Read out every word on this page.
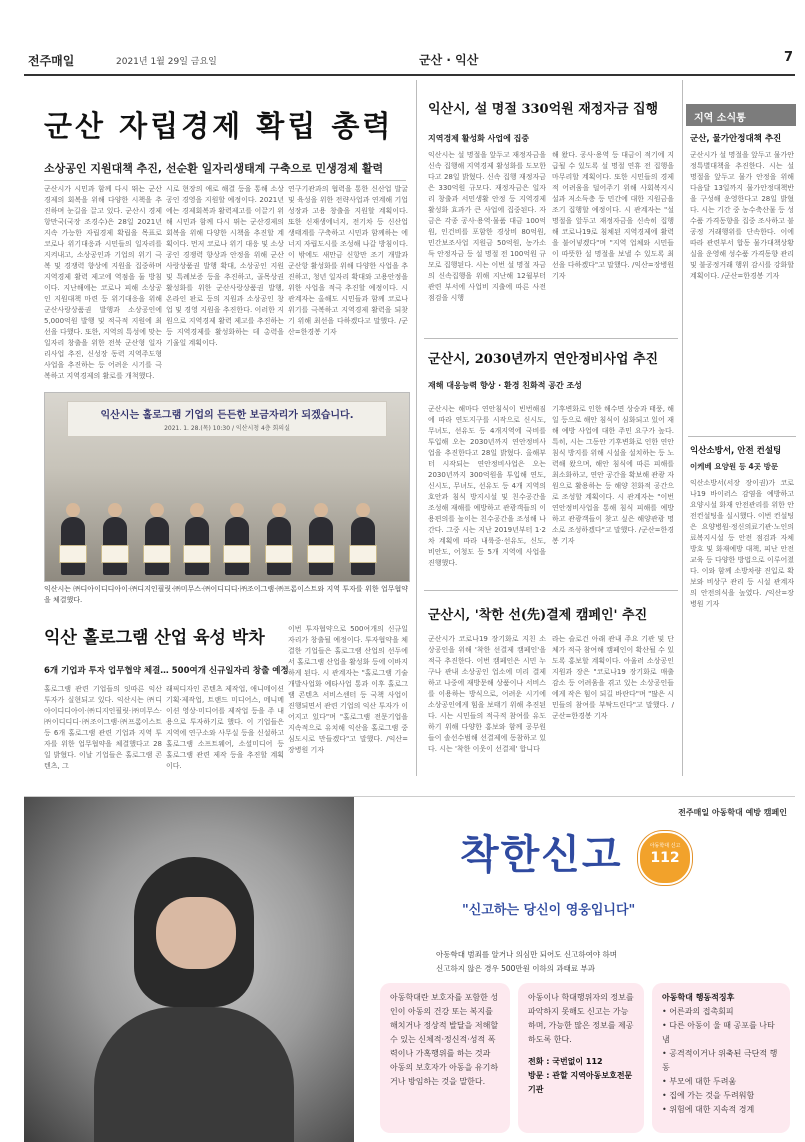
전주매일	2021년 1월 29일 금요일	군산 · 익산	7
군산 자립경제 확립 총력
소상공인 지원대책 추진, 선순환 일자리생태계 구축으로 민생경제 활력
군산시가 시민과 함께 다시 뛰는 군산경제의 회복을 위해 다양한 시책을 추진하며 눈길을 끌고 있다. 군산시 경제항만국(국장 조경수)은 28일 2021년 지속 가능한 자립경제 확립을 목표로 코로나 위기대응과 시민들의 일자리를 지켜내고, 소상공인과 기업의 위기 극복 및 경쟁력 향상에 지원을 집중하며 지역경제 활력 제고에 역점을 둘 방침이다. 지난해에는 코로나 피해 소상공인 지원대책 마련 등 위기대응을 위해 군산사랑상품권 발행과 소상공인에 5,000억원 발행 및 적극적 지원에 최선을 다했다. 또한, 지역의 특성에 맞는 일자리 창출을 위한 전북 군산형 일자리사업 추진, 신성장 동력 지역주도형 사업을 추진하는 등 어려운 시기를 극복하고 지역경제의 활로를 개척했다.
시로 현장의 애로 해결 등을 통해 소상공인 경영을 지원할 예정이다. 2021년에는 경제회복과 활력제고를 이끌기 위해 시민과 함께 다시 뛰는 군산경제의 회복을 위해 다양한 시책을 추진할 계획이다. 먼저 코로나 위기 대응 및 소상공인 경쟁력 향상과 안정을 위해 군산사랑상품권 발행 확대, 소상공인 지원 및 특례보증 등을 추진하고, 골목상권 활성화를 위한 군산사랑상품권 발행, 온라인 판로 등의 지원과 소상공인 창업 및 경영 지원을 추진한다. 이러한 지원으로 지역경제 활력 제고를 추진하는 등 지역경제를 활성화하는 데 총력을 기울일 계획이다.
연구기관과의 협력을 통한 신산업 발굴 및 육성을 위한 전략사업과 연계해 기업 성장과 고용 창출을 지원할 계획이다. 또한 신재생에너지, 전기차 등 신산업 생태계를 구축하고 시민과 함께하는 에너지 자립도시를 조성해 나갈 방침이다. 이 밖에도 새만금 신항만 조기 개발과 군산항 활성화를 위해 다양한 사업을 추진하고, 청년 일자리 확대와 고용안정을 위한 사업을 적극 추진할 예정이다. 시 관계자는 올해도 시민들과 함께 코로나 위기를 극복하고 지역경제 활력을 되찾기 위해 최선을 다하겠다고 말했다. /군산=한경봉 기자
익산시는 홀로그램 기업의 든든한 보금자리가 되겠습니다.
2021. 1. 28.(목) 10:30 / 익산시청 4층 회의실
익산시는 ㈜디아이디디아이·㈜디지인필릿·㈜미무스·㈜이디디디·㈜조이그램·㈜프롬이스트와 지역 투자를 위한 업무협약을 체결했다.
익산 홀로그램 산업 육성 박차
6개 기업과 투자 업무협약 체결… 500여개 신규일자리 창출 예정
홀로그램 관련 기업들의 잇따른 익산 투자가 실현되고 있다. 익산시는 ㈜디아이디디아이·㈜디지인필릿·㈜미무스·㈜이디디디·㈜조이그램·㈜프롬이스트 등 6개 홀로그램 관련 기업과 지역 투자를 위한 업무협약을 체결했다고 28일 밝혔다. 이날 기업들은 홀로그램 콘텐츠, 그
래픽디자인 콘텐츠 제작업, 애니메이션 기획·제작업, 트랜드 미디어스, 메니메이션 영상·미디어를 제작업 등을 주 내용으로 투자하기로 했다. 이 기업들은 지역에 연구소와 사무실 등을 신설하고 홀로그램 소프트웨어, 소셜미디어 등 홀로그램 관련 제작 등을 추진할 계획이다.
이번 투자협약으로 500여개의 신규일자리가 창출될 예정이다. 투자협약을 체결한 기업들은 홀로그램 산업의 선두에서 홀로그램 산업을 활성화 등에 이바지하게 된다. 시 관계자는 "홀로그램 기술개발사업화 예타사업 통과 이후 홀로그램 콘텐츠 서비스센터 등 국책 사업이 진행되면서 관련 기업의 익산 투자가 이어지고 있다"며 "홀로그램 전문기업을 지속적으로 유치해 익산을 홀로그램 중심도시로 만들겠다"고 말했다. /익산=장병원 기자
익산시, 설 명절 330억원 재정자금 집행
지역경제 활성화 사업에 집중
익산시는 설 명절을 앞두고 재정자금을 신속 집행해 지역경제 활성화를 도모한다고 28일 밝혔다. 신속 집행 재정자금은 330억원 규모다. 재정자금은 일자리 창출과 서민생활 안정 등 지역경제 활성화 효과가 큰 사업에 집중된다. 자금은 각종 공사·용역·물품 대금 100억원, 인건비를 포함한 경상비 80억원, 민간보조사업 지원금 50억원, 농가소득 안정자금 등 설 명절 전 100억원 규모로 집행된다. 시는 이번 설 명절 자금의 신속집행을 위해 지난해 12월부터 관련 부서에 사업비 지출에 따른 사전점검을 시행
해 왔다. 공사·용역 등 대금이 적기에 지급될 수 있도록 설 명절 연휴 전 집행을 마무리할 계획이다. 또한 시민들의 경제적 어려움을 덜어주기 위해 사회복지시설과 저소득층 등 민간에 대한 지원금을 조기 집행할 예정이다. 시 관계자는 "설 명절을 앞두고 재정자금을 신속히 집행해 코로나19로 침체된 지역경제에 활력을 불어넣겠다"며 "지역 업체와 시민들이 따뜻한 설 명절을 보낼 수 있도록 최선을 다하겠다"고 말했다. /익산=장병원 기자
군산시, 2030년까지 연안정비사업 추진
재해 대응능력 향상 · 환경 친화적 공간 조성
군산시는 해마다 연안침식이 빈번해짐에 따라 연도지구를 시작으로 신시도, 무녀도, 선유도 등 4개지역에 국비를 투입해 오는 2030년까지 연안정비사업을 추진한다고 28일 밝혔다. 올해부터 시작되는 연안정비사업은 오는 2030년까지 300억원을 투입해 연도, 신시도, 무녀도, 선유도 등 4개 지역의 호안과 침식 방지시설 및 친수공간을 조성해 재해를 예방하고 관광객들의 이용편의를 높이는 친수공간을 조성해 나간다. 그중 시는 지난 2019년부터 1·2차 계획에 따라 내륙중·선유도, 신도, 비안도, 어청도 등 5개 지역에 사업을 진행했다.
기후변화로 인한 해수면 상승과 태풍, 해일 등으로 해안 침식이 심화되고 있어 재해 예방 사업에 대한 주민 요구가 높다. 특히, 시는 그동안 기후변화로 인한 연안침식 방지를 위해 시설을 설치하는 등 노력해 왔으며, 해안 침식에 따른 피해를 최소화하고, 연안 공간을 확보해 관광 자원으로 활용하는 등 해양 친화적 공간으로 조성할 계획이다. 시 관계자는 "이번 연안정비사업을 통해 침식 피해를 예방하고 관광객들이 찾고 싶은 해양관광 명소로 조성하겠다"고 말했다. /군산=한경봉 기자
군산시, '착한 선(先)결제 캠페인' 추진
군산시가 코로나19 장기화로 지친 소상공인을 위해 '착한 선결제 캠페인'을 적극 추진한다. 이번 캠페인은 시민 누구나 관내 소상공인 업소에 미리 결제하고 나중에 재방문해 상품이나 서비스를 이용하는 방식으로, 어려운 시기에 소상공인에게 힘을 보태기 위해 추진된다. 시는 시민들의 적극적 참여를 유도하기 위해 다양한 홍보와 함께 공무원들이 솔선수범해 선결제에 동참하고 있다. 시는 '착한 이웃이 선결제' 합니다
라는 슬로건 아래 관내 주요 기관 및 단체가 적극 참여해 캠페인이 확산될 수 있도록 홍보할 계획이다. 아울러 소상공인지원과 장은 "코로나19 장기화로 매출 감소 등 어려움을 겪고 있는 소상공인들에게 작은 힘이 되길 바란다"며 "많은 시민들의 참여를 부탁드린다"고 말했다. /군산=한경봉 기자
지역 소식통
군산, 물가안정대책 추진
군산시가 설 명절을 앞두고 물가안정특별대책을 추진한다. 시는 설 명절을 앞두고 물가 안정을 위해 다음달 13일까지 물가안정대책반을 구성해 운영한다고 28일 밝혔다. 시는 기간 중 농수축산물 등 성수품 가격동향을 집중 조사하고 불공정 거래행위를 단속한다. 이에 따라 관련부서 합동 물가대책상황실을 운영해 성수품 가격동향 관리 및 불공정거래 행위 감시를 강화할 계획이다. /군산=한경봉 기자
익산소방서, 안전 컨설팅
이케베 요양원 등 4곳 방문
익산소방서(서장 장이권)가 코로나19 바이러스 감염을 예방하고 요양시설 화재 안전관리를 위한 안전컨설팅을 실시했다. 이번 컨설팅은 요양병원·정신의료기관·노인의료복지시설 등 안전 점검과 자체 방호 및 화재예방 대책, 피난 안전교육 등 다양한 방법으로 이루어졌다. 이와 함께 소방차량 진입로 확보와 비상구 관리 등 시설 관계자의 안전의식을 높였다. /익산=장병원 기자
전주매일 아동학대 예방 캠페인
착한신고	아동학대 신고
112
"신고하는 당신이 영웅입니다"
아동학대 범죄를 알거나 의심만 되어도 신고하여야 하며
신고하지 않은 경우 500만원 이하의 과태료 부과
아동학대란 보호자를 포함한 성인이 아동의 건강 또는 복지를 해치거나 정상적 발달을 저해할 수 있는 신체적·정신적·성적 폭력이나 가혹행위를 하는 것과 아동의 보호자가 아동을 유기하거나 방임하는 것을 말한다.
아동이나 학대행위자의 정보를 파악하지 못해도 신고는 가능하며, 가능한 많은 정보를 제공하도록 한다.
전화 : 국번없이 112
방문 : 관할 지역아동보호전문기관
아동학대 행동적징후
• 어른과의 접촉회피
• 다른 아동이 울 때 공포를 나타냄
• 공격적이거나 위축된 극단적 행동
• 부모에 대한 두려움
• 집에 가는 것을 두려워함
• 위험에 대한 지속적 경계
